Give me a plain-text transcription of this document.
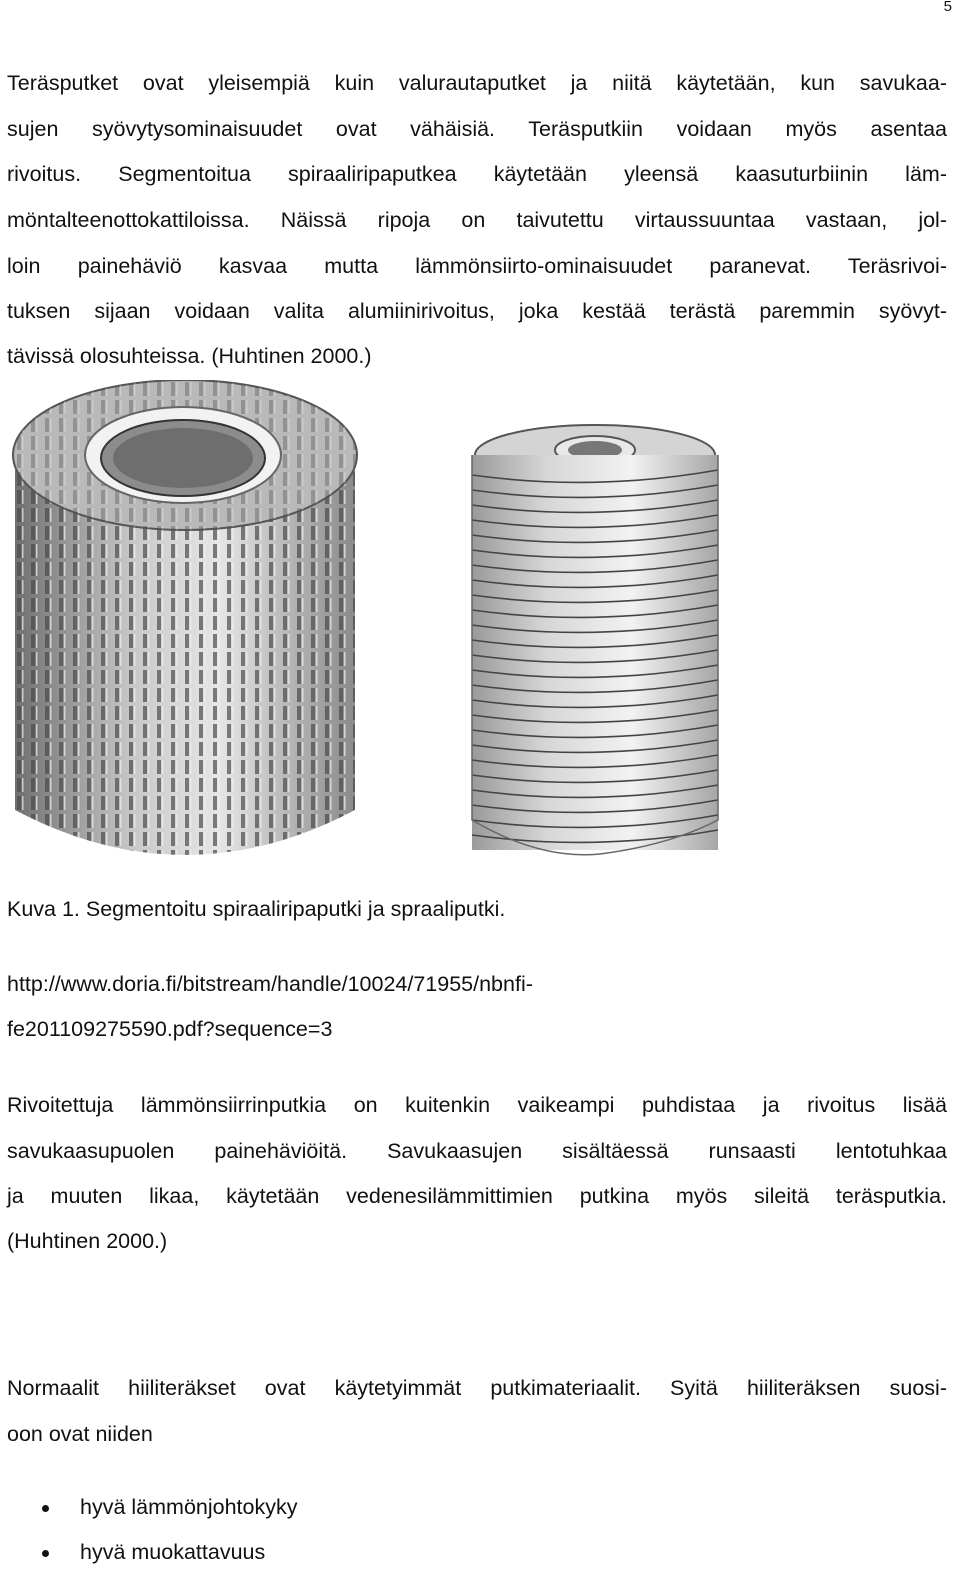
5
Teräsputket ovat yleisempiä kuin valurautaputket ja niitä käytetään, kun savukaa-
sujen syövytysominaisuudet ovat vähäisiä. Teräsputkiin voidaan myös asentaa
rivoitus. Segmentoitua spiraaliripaputkea käytetään yleensä kaasuturbiinin läm-
möntalteenottokattiloissa. Näissä ripoja on taivutettu virtaussuuntaa vastaan, jol-
loin painehäviö kasvaa mutta lämmönsiirto-ominaisuudet paranevat. Teräsrivoi-
tuksen sijaan voidaan valita alumiinirivoitus, joka kestää terästä paremmin syövyt-
tävissä olosuhteissa. (Huhtinen 2000.)
Kuva 1. Segmentoitu spiraaliripaputki ja spraaliputki.
http://www.doria.fi/bitstream/handle/10024/71955/nbnfi-
fe201109275590.pdf?sequence=3
Rivoitettuja lämmönsiirrinputkia on kuitenkin vaikeampi puhdistaa ja rivoitus lisää
savukaasupuolen painehäviöitä. Savukaasujen sisältäessä runsaasti lentotuhkaa
ja muuten likaa, käytetään vedenesilämmittimien putkina myös sileitä teräsputkia.
(Huhtinen 2000.)
Normaalit hiiliteräkset ovat käytetyimmät putkimateriaalit. Syitä hiiliteräksen suosi-
oon ovat niiden
hyvä lämmönjohtokyky
hyvä muokattavuus
